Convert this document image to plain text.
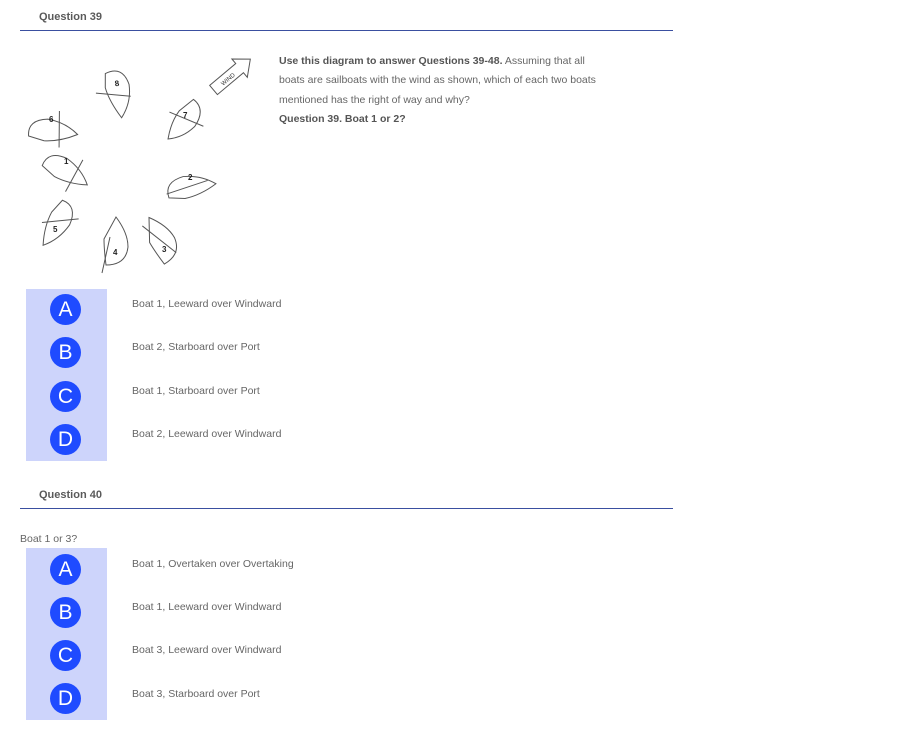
Question 39
WIND
8
7
6
1
2
5
4	3
Use this diagram to answer Questions 39-48. Assuming that all boats are sailboats with the wind as shown, which of each two boats mentioned has the right of way and why?
Question 39. Boat 1 or 2?
A
B
C
D
Boat 1, Leeward over Windward
Boat 2, Starboard over Port
Boat 1, Starboard over Port
Boat 2, Leeward over Windward
Question 40
Boat 1 or 3?
A
B
C
D
Boat 1, Overtaken over Overtaking
Boat 1, Leeward over Windward
Boat 3, Leeward over Windward
Boat 3, Starboard over Port
